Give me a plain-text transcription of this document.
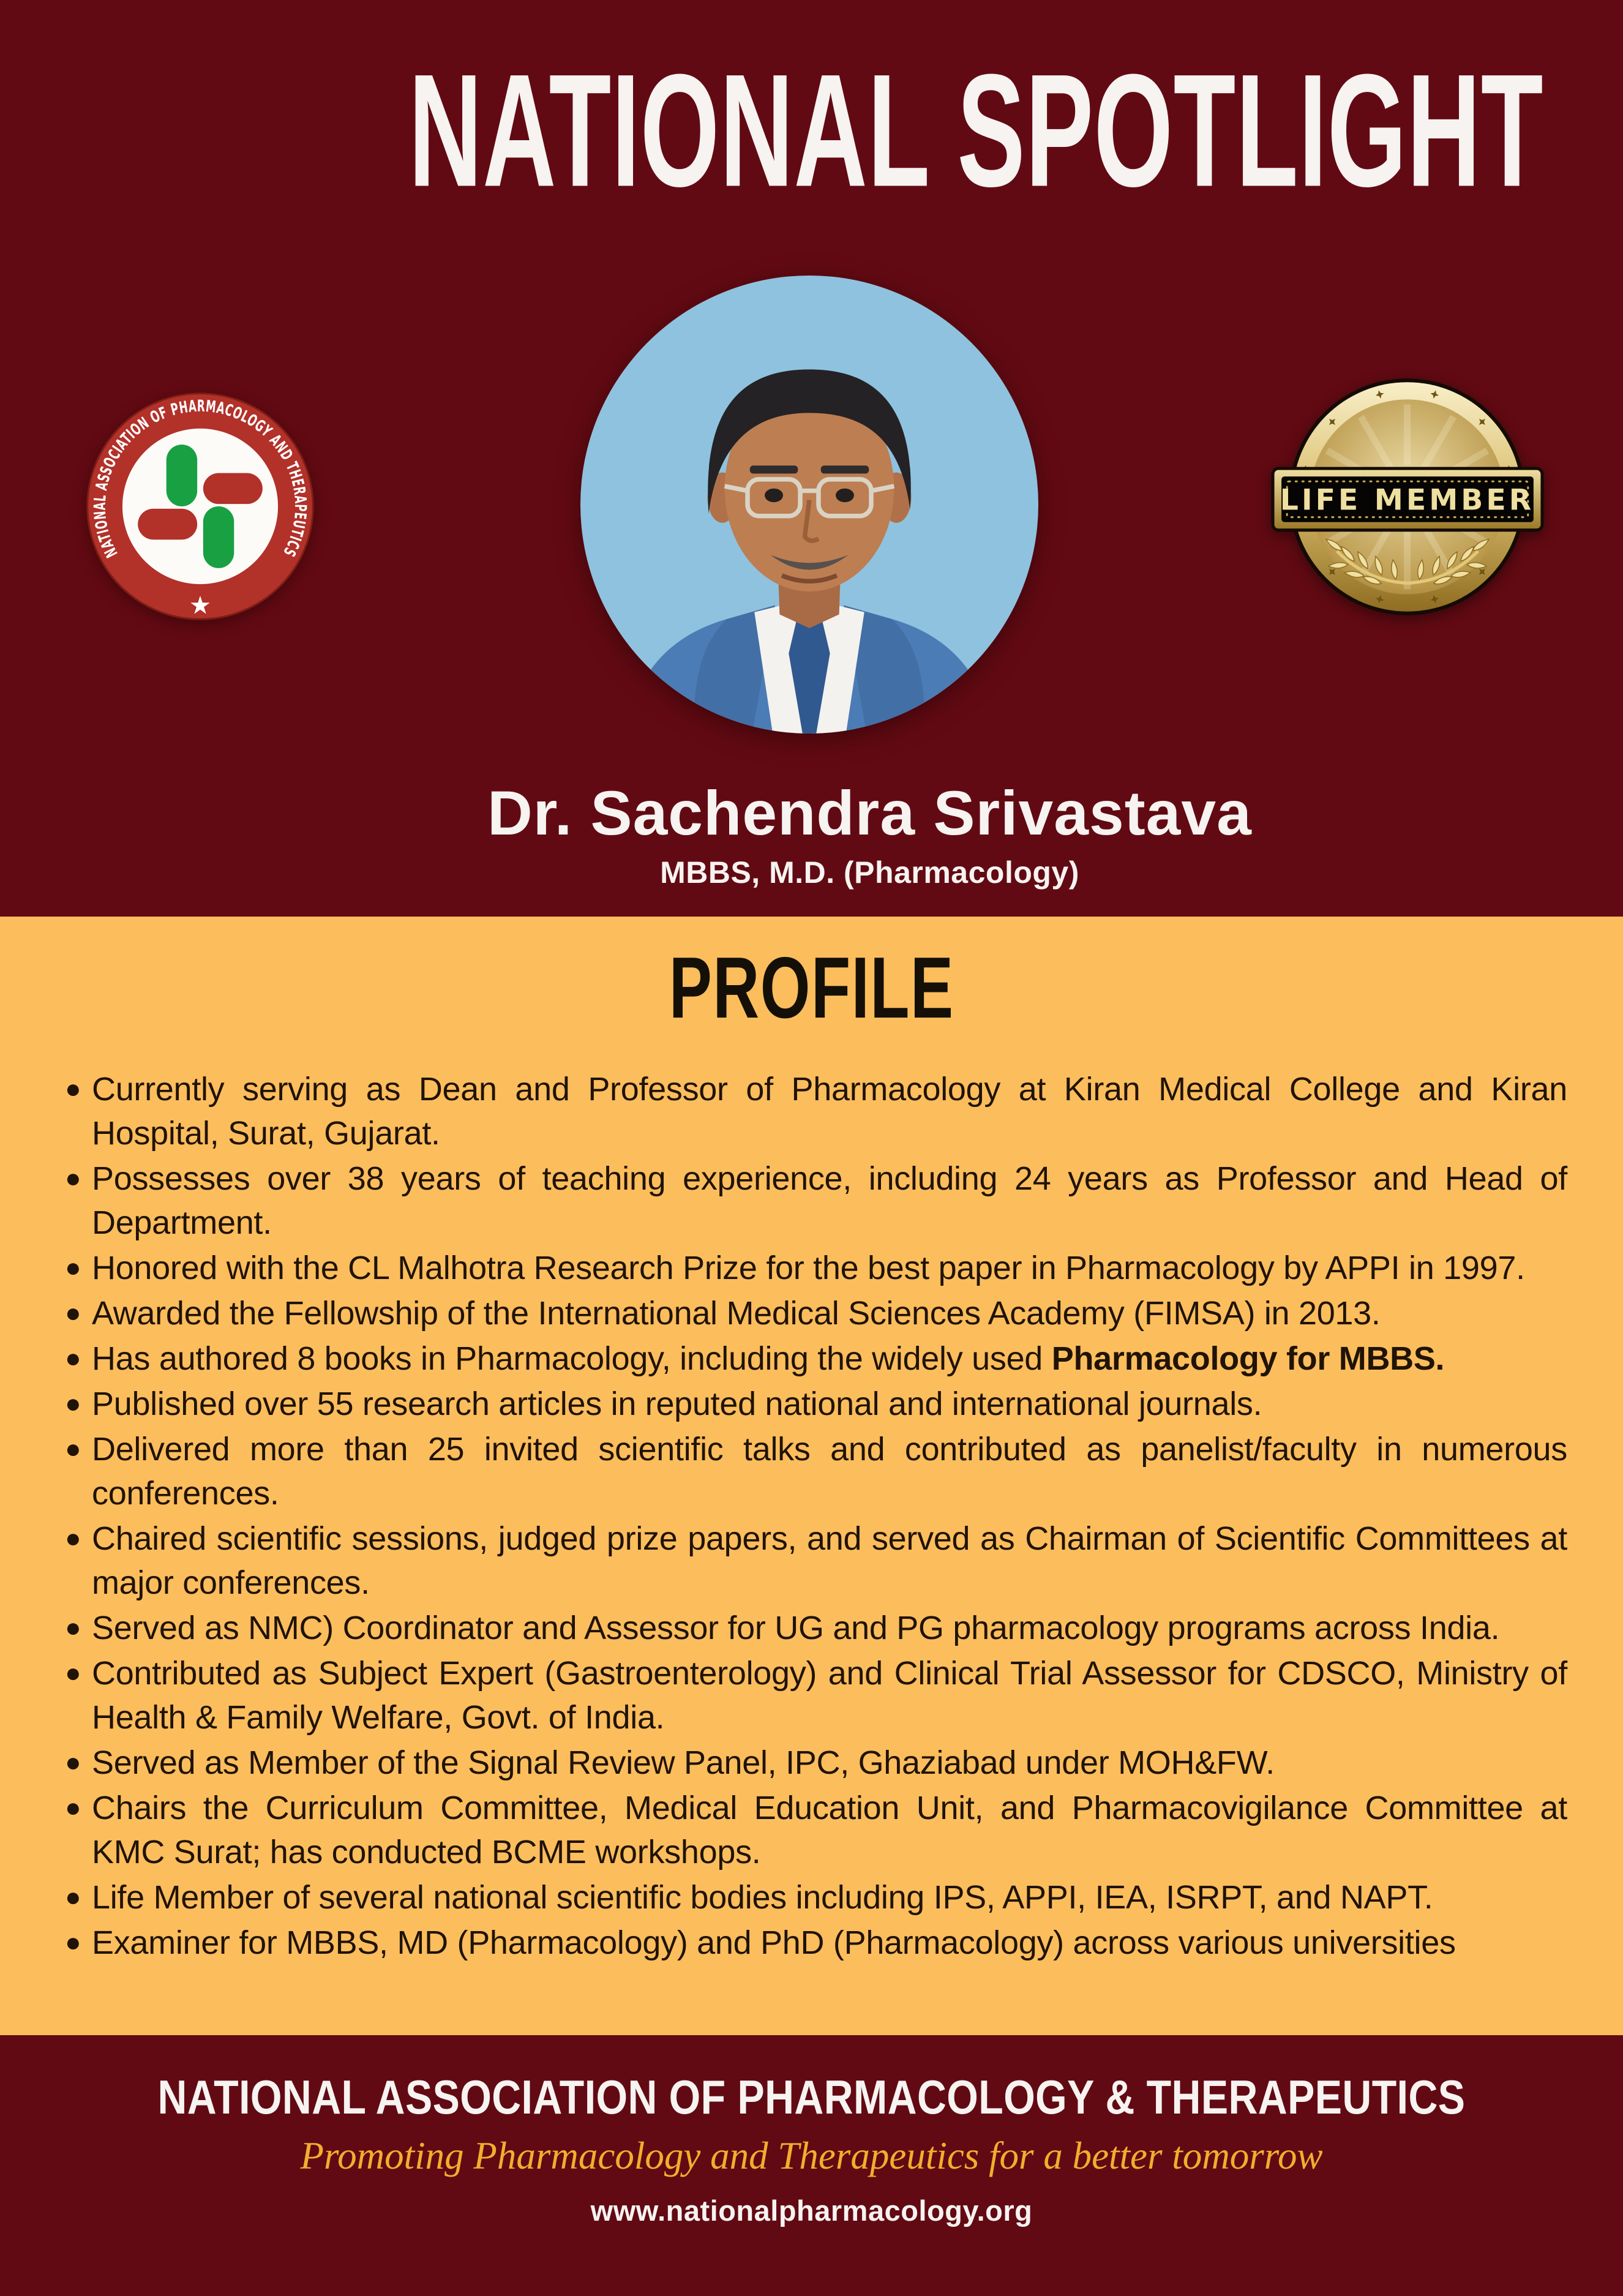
NATIONAL SPOTLIGHT
NATIONAL ASSOCIATION OF PHARMACOLOGY AND THERAPEUTICS
★
LIFE MEMBER
Dr. Sachendra Srivastava
MBBS, M.D. (Pharmacology)
PROFILE
● Currently serving as Dean and Professor of Pharmacology at Kiran Medical College and Kiran Hospital, Surat, Gujarat.
● Possesses over 38 years of teaching experience, including 24 years as Professor and Head of Department.
● Honored with the CL Malhotra Research Prize for the best paper in Pharmacology by APPI in 1997.
● Awarded the Fellowship of the International Medical Sciences Academy (FIMSA) in 2013.
● Has authored 8 books in Pharmacology, including the widely used Pharmacology for MBBS.
● Published over 55 research articles in reputed national and international journals.
● Delivered more than 25 invited scientific talks and contributed as panelist/faculty in numerous conferences.
● Chaired scientific sessions, judged prize papers, and served as Chairman of Scientific Committees at major conferences.
● Served as NMC) Coordinator and Assessor for UG and PG pharmacology programs across India.
● Contributed as Subject Expert (Gastroenterology) and Clinical Trial Assessor for CDSCO, Ministry of Health & Family Welfare, Govt. of India.
● Served as Member of the Signal Review Panel, IPC, Ghaziabad under MOH&FW.
● Chairs the Curriculum Committee, Medical Education Unit, and Pharmacovigilance Committee at KMC Surat; has conducted BCME workshops.
● Life Member of several national scientific bodies including IPS, APPI, IEA, ISRPT, and NAPT.
● Examiner for MBBS, MD (Pharmacology) and PhD (Pharmacology) across various universities
NATIONAL ASSOCIATION OF PHARMACOLOGY & THERAPEUTICS
Promoting Pharmacology and Therapeutics for a better tomorrow
www.nationalpharmacology.org
